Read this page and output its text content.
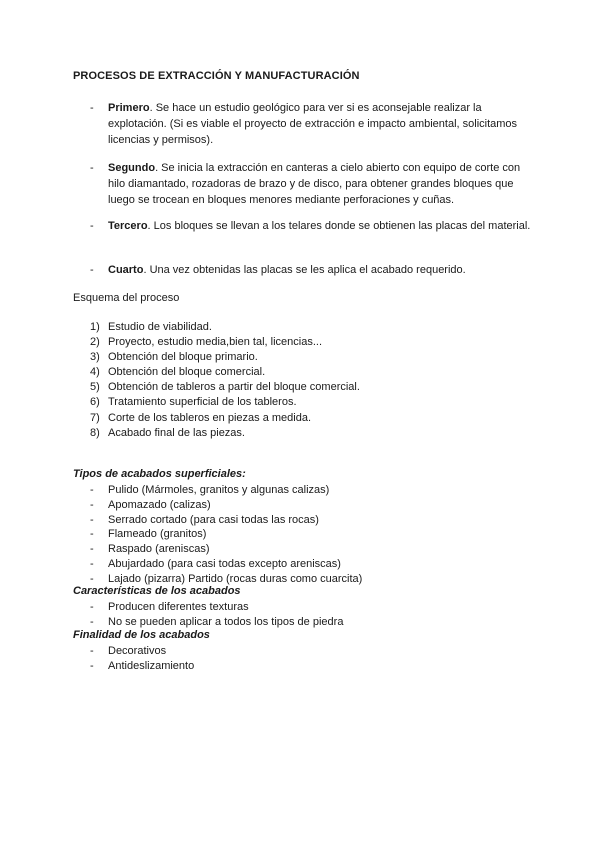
PROCESOS DE EXTRACCIÓN Y MANUFACTURACIÓN
- Primero. Se hace un estudio geológico para ver si es aconsejable realizar la explotación. (Si es viable el proyecto de extracción e impacto ambiental, solicitamos licencias y permisos).
- Segundo. Se inicia la extracción en canteras a cielo abierto con equipo de corte con hilo diamantado, rozadoras de brazo y de disco, para obtener grandes bloques que luego se trocean en bloques menores mediante perforaciones y cuñas.
- Tercero. Los bloques se llevan a los telares donde se obtienen las placas del material.
- Cuarto. Una vez obtenidas las placas se les aplica el acabado requerido.
Esquema del proceso
1) Estudio de viabilidad.
2) Proyecto, estudio media,bien tal, licencias...
3) Obtención del bloque primario.
4) Obtención del bloque comercial.
5) Obtención de tableros a partir del bloque comercial.
6) Tratamiento superficial de los tableros.
7) Corte de los tableros en piezas a medida.
8) Acabado final de las piezas.
Tipos de acabados superficiales:
- Pulido (Mármoles, granitos y algunas calizas)
- Apomazado (calizas)
- Serrado cortado (para casi todas las rocas)
- Flameado (granitos)
- Raspado (areniscas)
- Abujardado (para casi todas excepto areniscas)
- Lajado (pizarra) Partido (rocas duras como cuarcita)
Características de los acabados
- Producen diferentes texturas
- No se pueden aplicar a todos los tipos de piedra
Finalidad de los acabados
- Decorativos
- Antideslizamiento
